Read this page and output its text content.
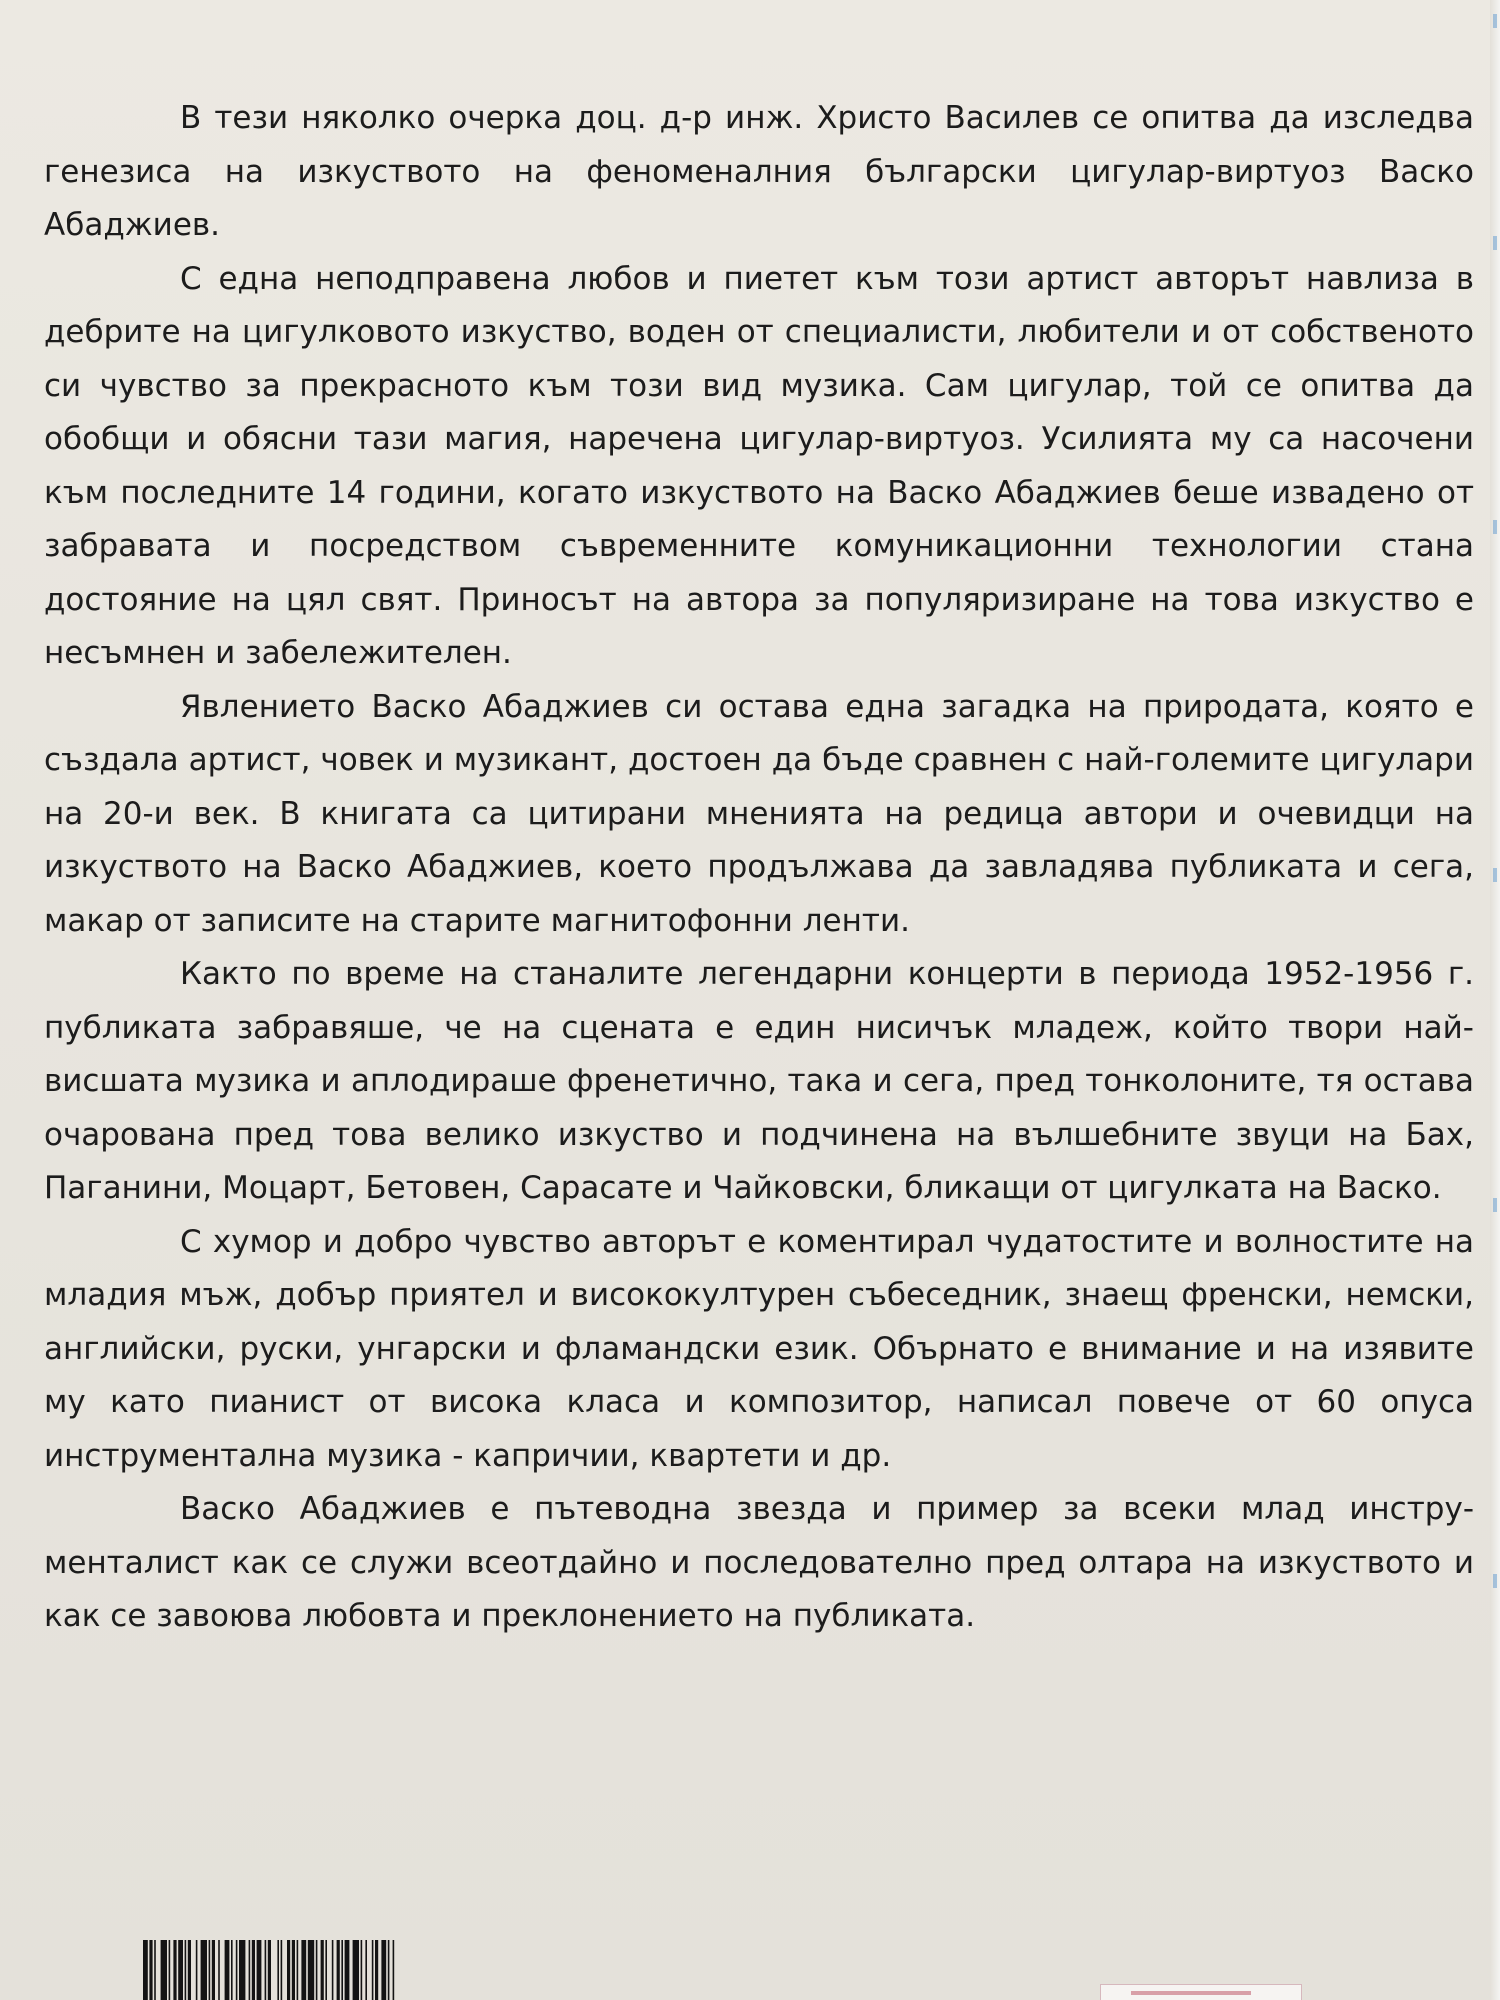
В тези няколко очерка доц. д-р инж. Христо Василев се опитва да изследва генезиса на изкуството на феноменалния български цигулар-виртуоз Васко Абаджиев.

С една неподправена любов и пиетет към този артист авторът навлиза в дебрите на цигулковото изкуство, воден от специалисти, любители и от собственото си чувство за прекрасното към този вид музика. Сам цигулар, той се опитва да обобщи и обясни тази магия, наречена цигулар-виртуоз. Усилията му са насочени към последните 14 години, когато изкуството на Васко Абаджиев беше извадено от забравата и посредством съвременните комуникационни технологии стана достояние на цял свят. Приносът на автора за популяризиране на това изкуство е несъмнен и забележителен.

Явлението Васко Абаджиев си остава една загадка на природата, която е създала артист, човек и музикант, достоен да бъде сравнен с най-голeмите цигулари на 20-и век. В книгата са цитирани мненията на редица автори и очевидци на изкуството на Васко Абаджиев, което продължава да завладява публиката и сега, макар от записите на старите магнитофонни ленти.

Както по време на станалите легендарни концерти в периода 1952-1956 г. публиката забравяше, че на сцената е един нисичък младеж, който твори най-висшата музика и аплодираше френетично, така и сега, пред тонколоните, тя остава очарована пред това велико изкуство и подчинена на вълшебните звуци на Бах, Паганини, Моцарт, Бетовен, Сарасате и Чайковски, бликащи от цигулката на Васко.

С хумор и добро чувство авторът е коментирал чудатостите и волностите на младия мъж, добър приятел и висококултурен събеседник, знаещ френски, немски, английски, руски, унгарски и фламандски език. Обърнато е внимание и на изявите му като пианист от висока класа и композитор, написал повече от 60 опуса инструментална музика - капричии, квартети и др.

Васко Абаджиев е пътеводна звезда и пример за всеки млад инструменталист как се служи всеотдайно и последователно пред олтара на изкуството и как се завоюва любовта и преклонението на публиката.
